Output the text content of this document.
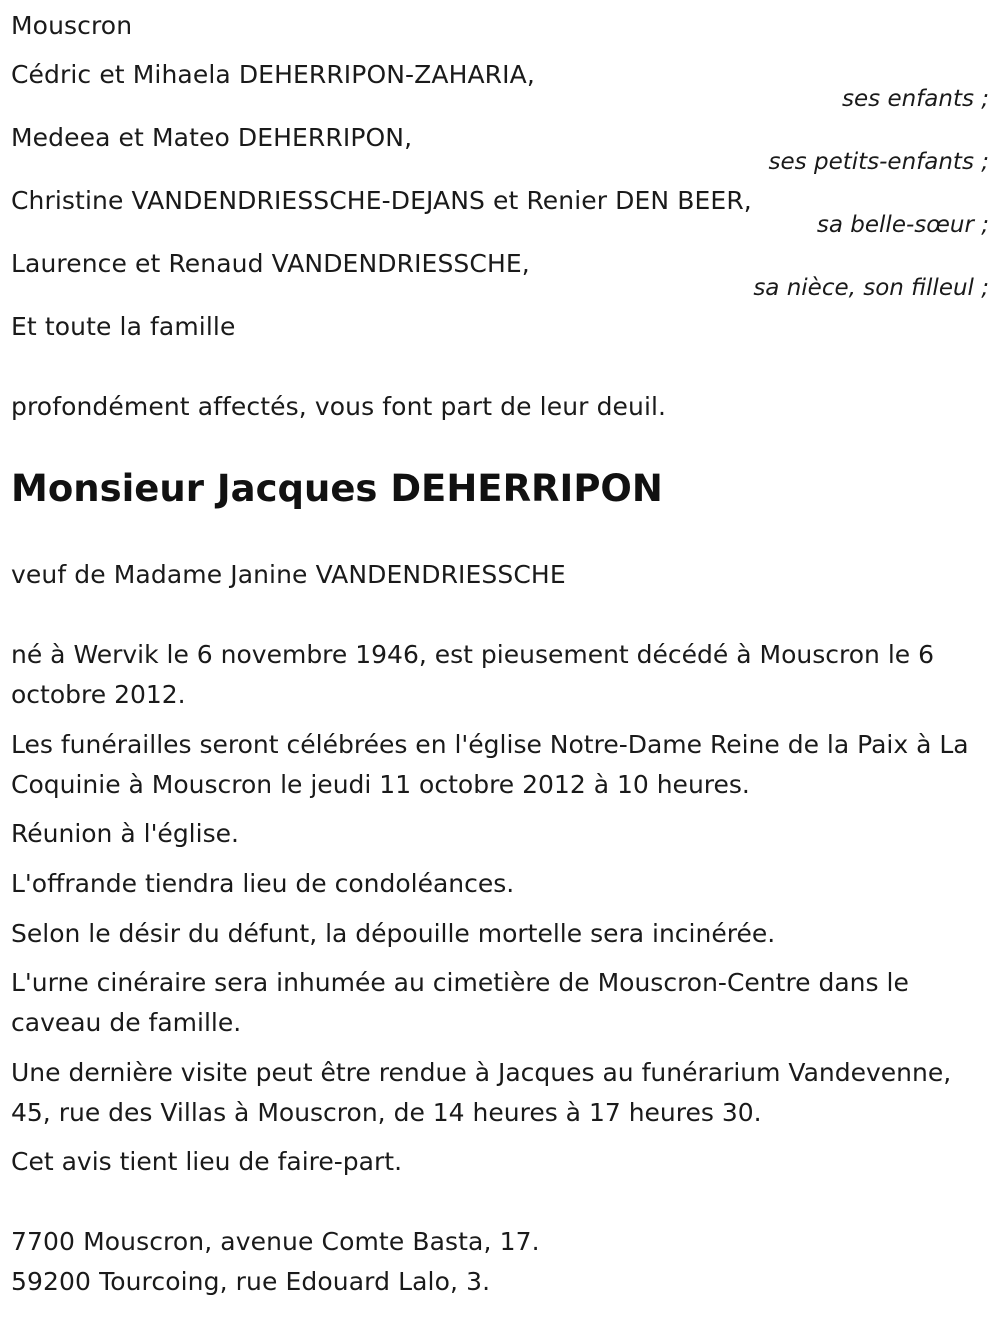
Mouscron
Cédric et Mihaela DEHERRIPON-ZAHARIA,
ses enfants ;
Medeea et Mateo DEHERRIPON,
ses petits-enfants ;
Christine VANDENDRIESSCHE-DEJANS et Renier DEN BEER,
sa belle-sœur ;
Laurence et Renaud VANDENDRIESSCHE,
sa nièce, son filleul ;
Et toute la famille
profondément affectés, vous font part de leur deuil.
Monsieur Jacques DEHERRIPON
veuf de Madame Janine VANDENDRIESSCHE
né à Wervik le 6 novembre 1946, est pieusement décédé à Mouscron le 6 octobre 2012.
Les funérailles seront célébrées en l'église Notre-Dame Reine de la Paix à La Coquinie à Mouscron le jeudi 11 octobre 2012 à 10 heures.
Réunion à l'église.
L'offrande tiendra lieu de condoléances.
Selon le désir du défunt, la dépouille mortelle sera incinérée.
L'urne cinéraire sera inhumée au cimetière de Mouscron-Centre dans le caveau de famille.
Une dernière visite peut être rendue à Jacques au funérarium Vandevenne, 45, rue des Villas à Mouscron, de 14 heures à 17 heures 30.
Cet avis tient lieu de faire-part.
7700 Mouscron, avenue Comte Basta, 17.
59200 Tourcoing, rue Edouard Lalo, 3.
